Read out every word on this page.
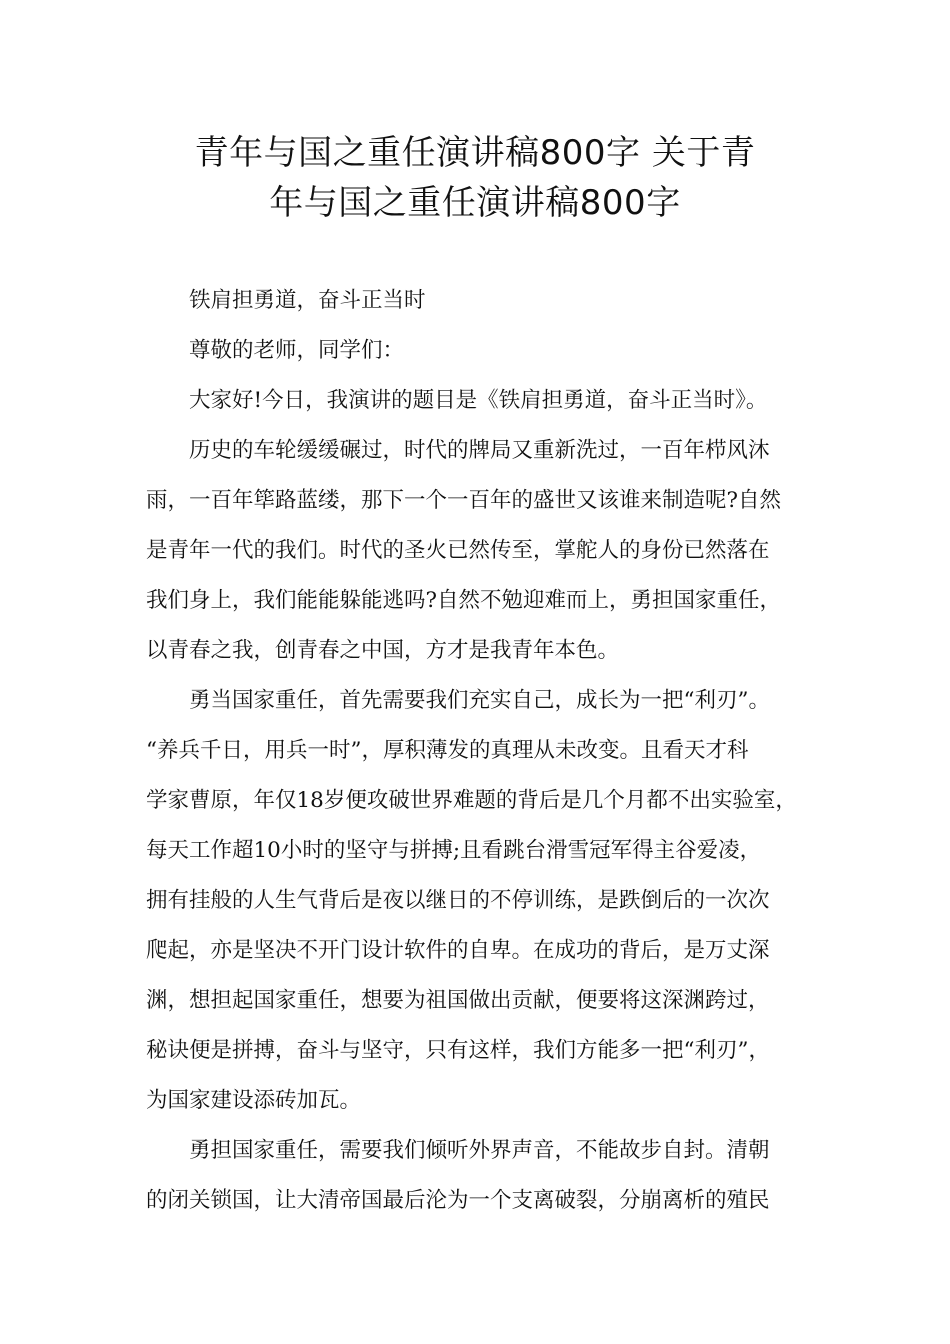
青年与国之重任演讲稿800字 关于青
年与国之重任演讲稿800字

铁肩担勇道，奋斗正当时

尊敬的老师，同学们：

大家好!今日，我演讲的题目是《铁肩担勇道，奋斗正当时》。

历史的车轮缓缓碾过，时代的牌局又重新洗过，一百年栉风沐
雨，一百年筚路蓝缕，那下一个一百年的盛世又该谁来制造呢?自然
是青年一代的我们。时代的圣火已然传至，掌舵人的身份已然落在
我们身上，我们能能躲能逃吗?自然不勉迎难而上，勇担国家重任，
以青春之我，创青春之中国，方才是我青年本色。

勇当国家重任，首先需要我们充实自己，成长为一把“利刃”。
“养兵千日，用兵一时”，厚积薄发的真理从未改变。且看天才科
学家曹原，年仅18岁便攻破世界难题的背后是几个月都不出实验室，
每天工作超10小时的坚守与拼搏;且看跳台滑雪冠军得主谷爱凌，
拥有挂般的人生气背后是夜以继日的不停训练，是跌倒后的一次次
爬起，亦是坚决不开门设计软件的自卑。在成功的背后，是万丈深
渊，想担起国家重任，想要为祖国做出贡献，便要将这深渊跨过，
秘诀便是拼搏，奋斗与坚守，只有这样，我们方能多一把“利刃”，
为国家建设添砖加瓦。

勇担国家重任，需要我们倾听外界声音，不能故步自封。清朝
的闭关锁国，让大清帝国最后沦为一个支离破裂，分崩离析的殖民
